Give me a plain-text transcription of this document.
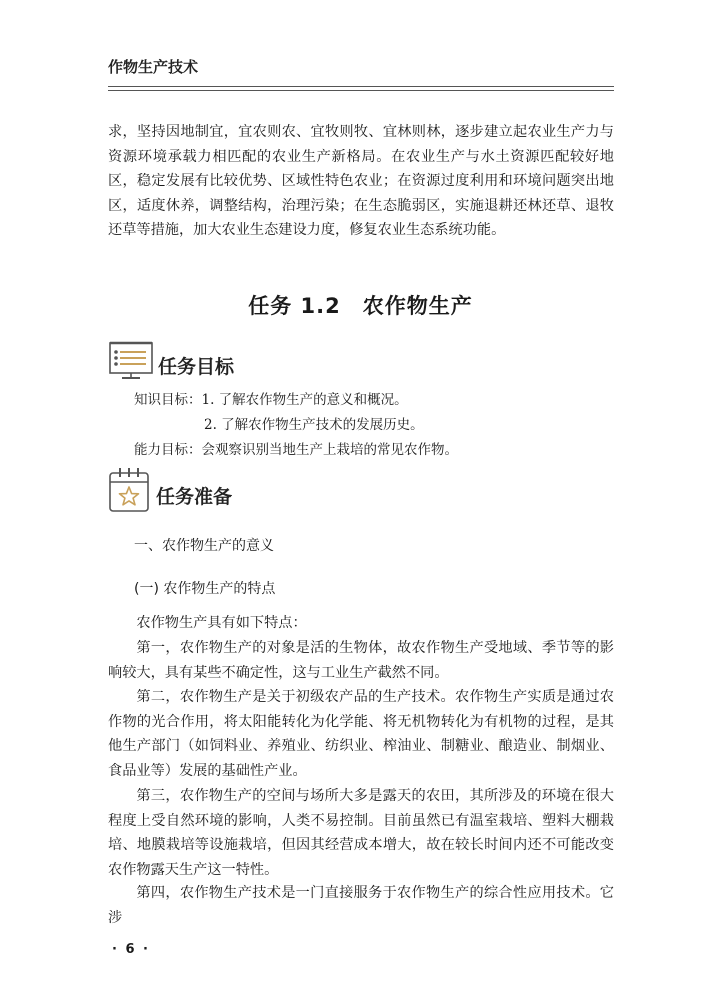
作物生产技术

求，坚持因地制宜，宜农则农、宜牧则牧、宜林则林，逐步建立起农业生产力与资源环境承载力相匹配的农业生产新格局。在农业生产与水土资源匹配较好地区，稳定发展有比较优势、区域性特色农业；在资源过度利用和环境问题突出地区，适度休养，调整结构，治理污染；在生态脆弱区，实施退耕还林还草、退牧还草等措施，加大农业生态建设力度，修复农业生态系统功能。

任务 1.2　农作物生产
任务目标
知识目标：1. 了解农作物生产的意义和概况。
2. 了解农作物生产技术的发展历史。
能力目标：会观察识别当地生产上栽培的常见农作物。
任务准备
一、农作物生产的意义
(一) 农作物生产的特点

农作物生产具有如下特点：

第一，农作物生产的对象是活的生物体，故农作物生产受地域、季节等的影响较大，具有某些不确定性，这与工业生产截然不同。

第二，农作物生产是关于初级农产品的生产技术。农作物生产实质是通过农作物的光合作用，将太阳能转化为化学能、将无机物转化为有机物的过程，是其他生产部门（如饲料业、养殖业、纺织业、榨油业、制糖业、酿造业、制烟业、食品业等）发展的基础性产业。

第三，农作物生产的空间与场所大多是露天的农田，其所涉及的环境在很大程度上受自然环境的影响，人类不易控制。目前虽然已有温室栽培、塑料大棚栽培、地膜栽培等设施栽培，但因其经营成本增大，故在较长时间内还不可能改变农作物露天生产这一特性。

第四，农作物生产技术是一门直接服务于农作物生产的综合性应用技术。它涉

· 6 ·
